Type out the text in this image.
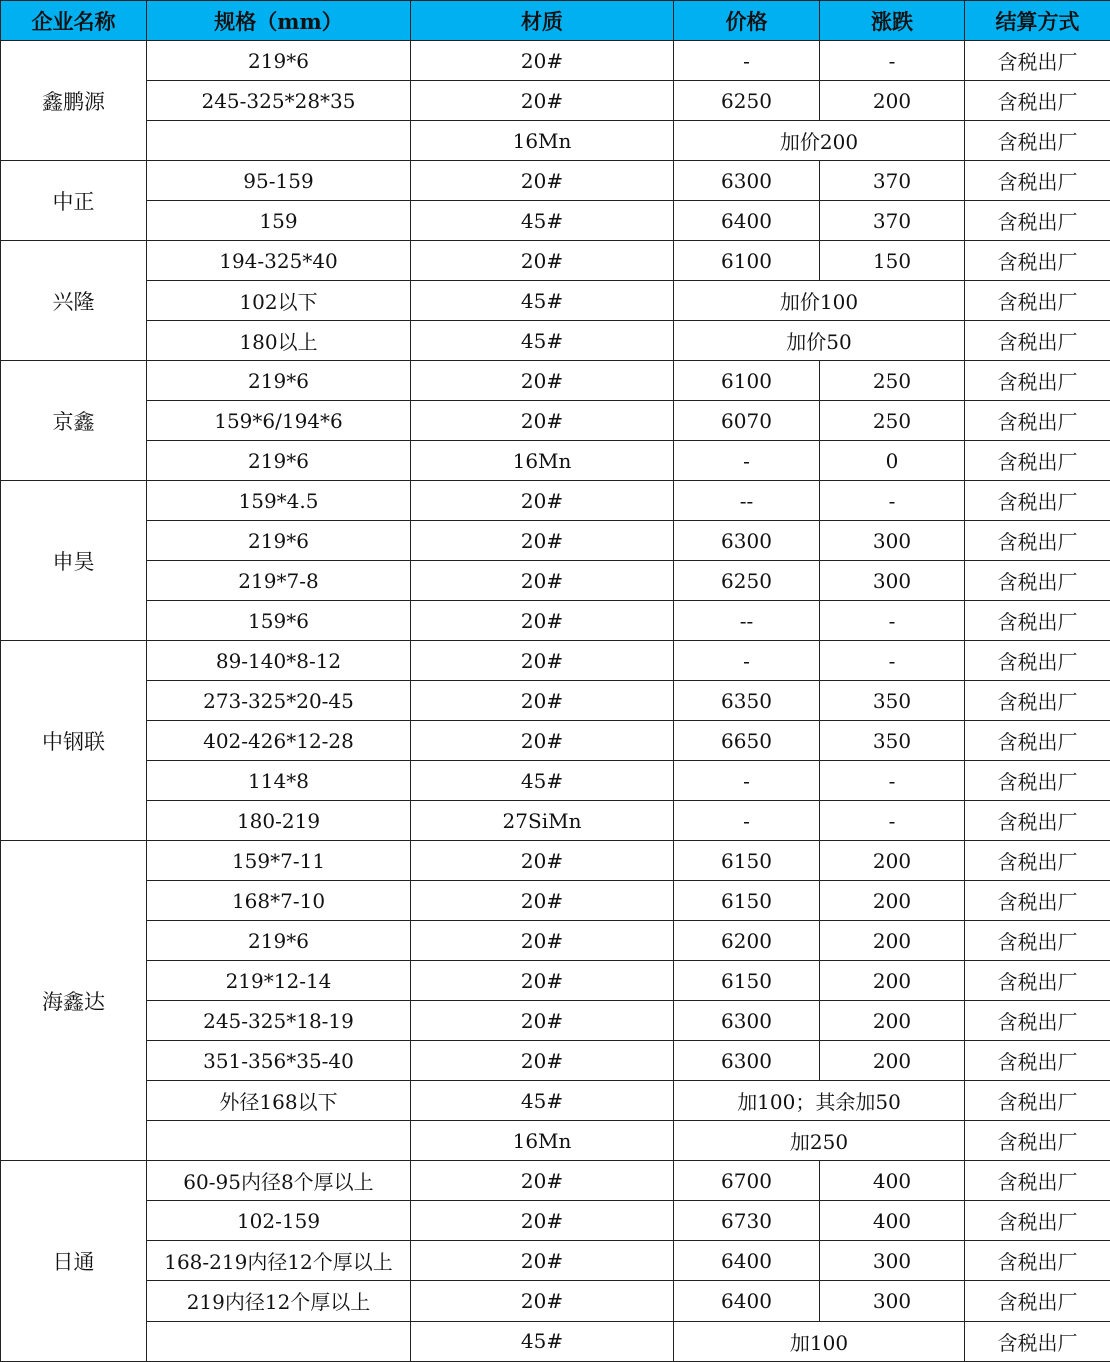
企业名称	规格（mm）	材质	价格	涨跌	结算方式
鑫鹏源	219*6	20#	-	-	含税出厂
	245-325*28*35	20#	6250	200	含税出厂
		16Mn	加价200		含税出厂
中正	95-159	20#	6300	370	含税出厂
	159	45#	6400	370	含税出厂
兴隆	194-325*40	20#	6100	150	含税出厂
	102以下	45#	加价100		含税出厂
	180以上	45#	加价50		含税出厂
京鑫	219*6	20#	6100	250	含税出厂
	159*6/194*6	20#	6070	250	含税出厂
	219*6	16Mn	-	0	含税出厂
申昊	159*4.5	20#	--	-	含税出厂
	219*6	20#	6300	300	含税出厂
	219*7-8	20#	6250	300	含税出厂
	159*6	20#	--	-	含税出厂
中钢联	89-140*8-12	20#	-	-	含税出厂
	273-325*20-45	20#	6350	350	含税出厂
	402-426*12-28	20#	6650	350	含税出厂
	114*8	45#	-	-	含税出厂
	180-219	27SiMn	-	-	含税出厂
海鑫达	159*7-11	20#	6150	200	含税出厂
	168*7-10	20#	6150	200	含税出厂
	219*6	20#	6200	200	含税出厂
	219*12-14	20#	6150	200	含税出厂
	245-325*18-19	20#	6300	200	含税出厂
	351-356*35-40	20#	6300	200	含税出厂
	外径168以下	45#	加100；其余加50		含税出厂
		16Mn	加250		含税出厂
日通	60-95内径8个厚以上	20#	6700	400	含税出厂
	102-159	20#	6730	400	含税出厂
	168-219内径12个厚以上	20#	6400	300	含税出厂
	219内径12个厚以上	20#	6400	300	含税出厂
		45#	加100		含税出厂
